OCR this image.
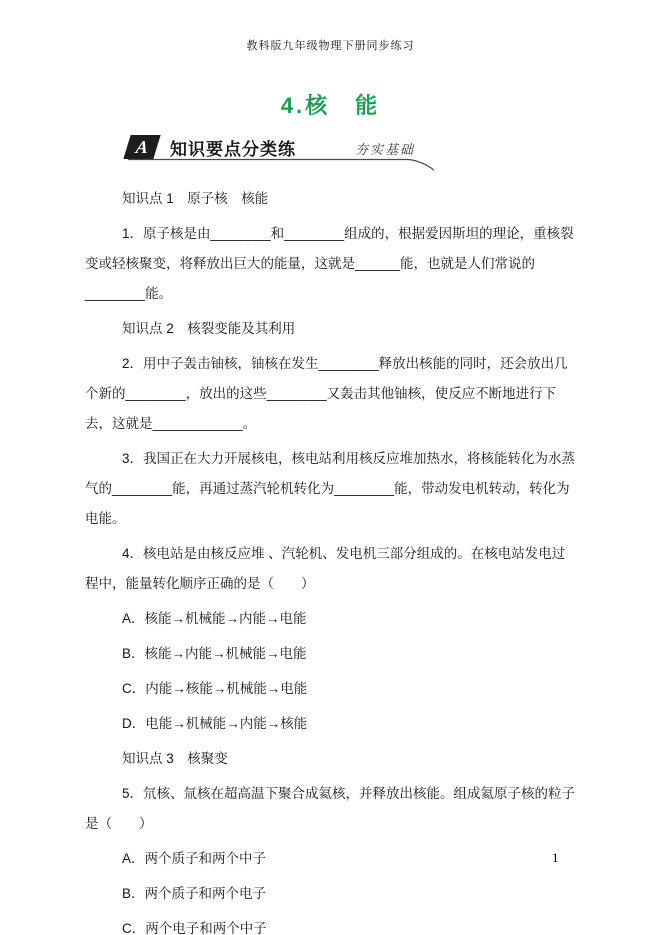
教科版九年级物理下册同步练习
4.核　能
A	知识要点分类练	夯实基础
知识点 1　原子核　核能

1．原子核是由________和________组成的，根据爱因斯坦的理论，重核裂变或轻核聚变，将释放出巨大的能量，这就是______能，也就是人们常说的________能。

知识点 2　核裂变能及其利用

2．用中子轰击铀核，铀核在发生________释放出核能的同时，还会放出几个新的________，放出的这些________又轰击其他铀核，使反应不断地进行下去，这就是____________。

3．我国正在大力开展核电，核电站利用核反应堆加热水，将核能转化为水蒸气的________能，再通过蒸汽轮机转化为________能，带动发电机转动，转化为电能。

4．核电站是由核反应堆 、汽轮机、发电机三部分组成的。在核电站发电过程中，能量转化顺序正确的是（　　）

A．核能→机械能→内能→电能

B．核能→内能→机械能→电能

C．内能→核能→机械能→电能

D．电能→机械能→内能→核能

知识点 3　核聚变

5．氘核、氚核在超高温下聚合成氦核，并释放出核能。组成氦原子核的粒子是（　　）

A．两个质子和两个中子

B．两个质子和两个电子

C．两个电子和两个中子

1
